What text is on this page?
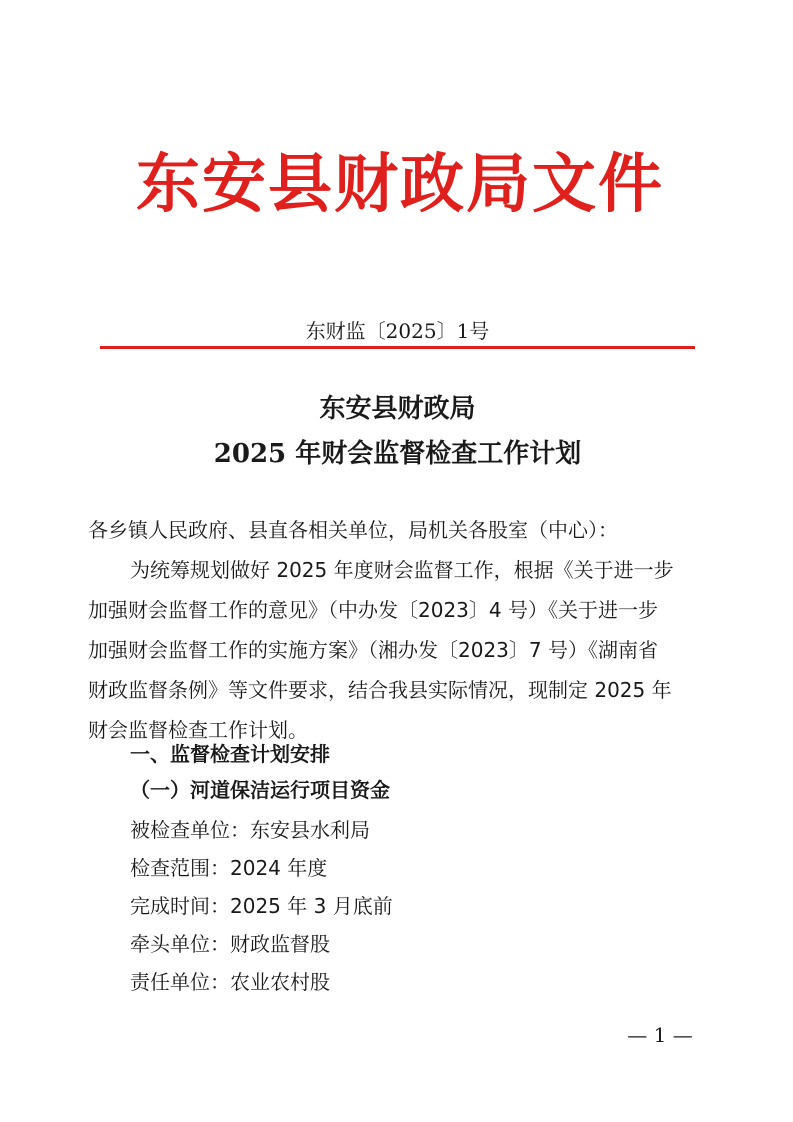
东安县财政局文件
东财监〔2025〕1号
东安县财政局
2025 年财会监督检查工作计划
各乡镇人民政府、县直各相关单位，局机关各股室（中心）：
为统筹规划做好 2025 年度财会监督工作，根据《关于进一步
加强财会监督工作的意见》（中办发〔2023〕4 号）《关于进一步
加强财会监督工作的实施方案》（湘办发〔2023〕7 号）《湖南省
财政监督条例》等文件要求，结合我县实际情况，现制定 2025 年
财会监督检查工作计划。
一、监督检查计划安排
（一）河道保洁运行项目资金
被检查单位：东安县水利局
检查范围：2024 年度
完成时间：2025 年 3 月底前
牵头单位：财政监督股
责任单位：农业农村股
— 1 —
